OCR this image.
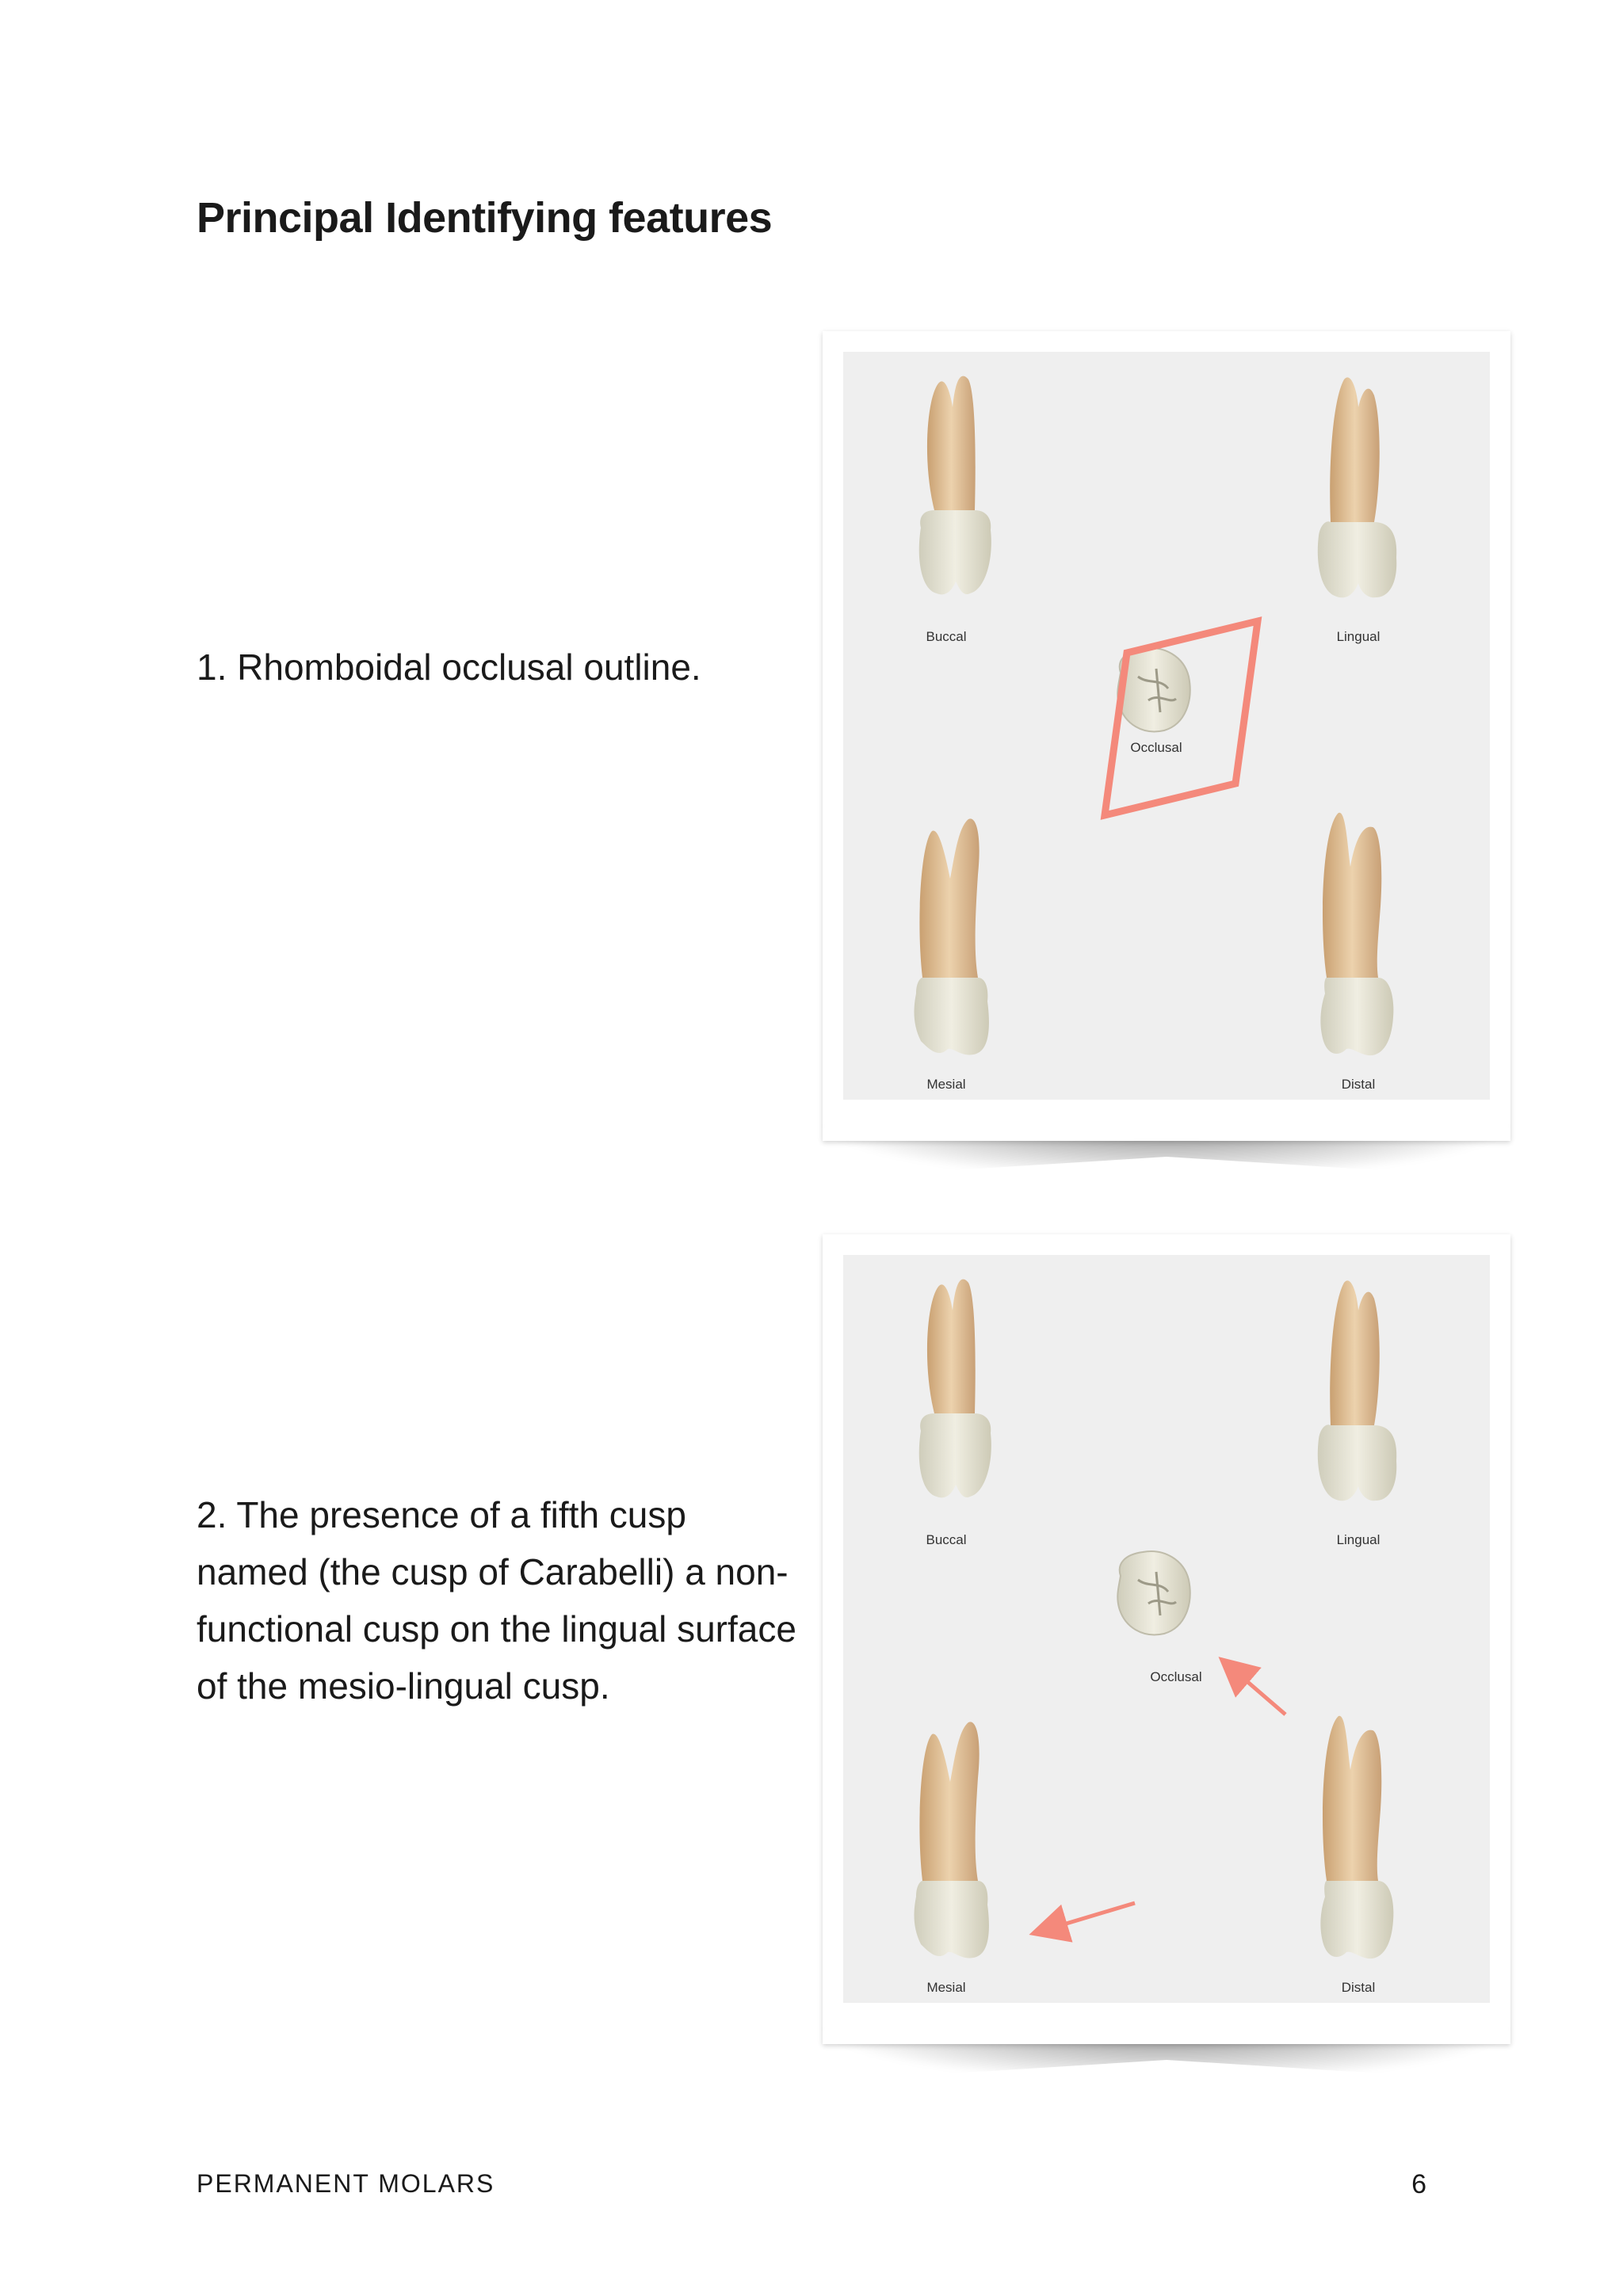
Principal Identifying features
1. Rhomboidal occlusal outline.
2. The presence of a fifth cusp named (the cusp of Carabelli) a non-functional cusp on the lingual surface of the mesio-lingual cusp.
Buccal	Lingual
Occlusal
Mesial	Distal
Buccal	Lingual
Occlusal
Mesial	Distal
PERMANENT MOLARS	6
